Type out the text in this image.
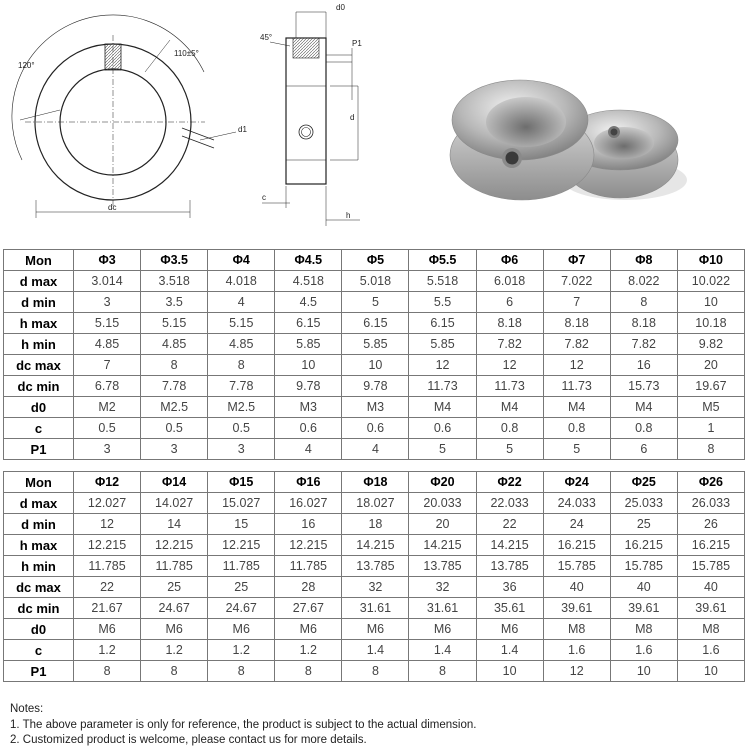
120°
110±5°
d1
dc
45°
d0
P1
d
c
h
Mon	Φ3	Φ3.5	Φ4	Φ4.5	Φ5	Φ5.5	Φ6	Φ7	Φ8	Φ10
d max	3.014	3.518	4.018	4.518	5.018	5.518	6.018	7.022	8.022	10.022
d min	3	3.5	4	4.5	5	5.5	6	7	8	10
h max	5.15	5.15	5.15	6.15	6.15	6.15	8.18	8.18	8.18	10.18
h min	4.85	4.85	4.85	5.85	5.85	5.85	7.82	7.82	7.82	9.82
dc max	7	8	8	10	10	12	12	12	16	20
dc min	6.78	7.78	7.78	9.78	9.78	11.73	11.73	11.73	15.73	19.67
d0	M2	M2.5	M2.5	M3	M3	M4	M4	M4	M4	M5
c	0.5	0.5	0.5	0.6	0.6	0.6	0.8	0.8	0.8	1
P1	3	3	3	4	4	5	5	5	6	8
Mon	Φ12	Φ14	Φ15	Φ16	Φ18	Φ20	Φ22	Φ24	Φ25	Φ26
d max	12.027	14.027	15.027	16.027	18.027	20.033	22.033	24.033	25.033	26.033
d min	12	14	15	16	18	20	22	24	25	26
h max	12.215	12.215	12.215	12.215	14.215	14.215	14.215	16.215	16.215	16.215
h min	11.785	11.785	11.785	11.785	13.785	13.785	13.785	15.785	15.785	15.785
dc max	22	25	25	28	32	32	36	40	40	40
dc min	21.67	24.67	24.67	27.67	31.61	31.61	35.61	39.61	39.61	39.61
d0	M6	M6	M6	M6	M6	M6	M6	M8	M8	M8
c	1.2	1.2	1.2	1.2	1.4	1.4	1.4	1.6	1.6	1.6
P1	8	8	8	8	8	8	10	12	10	10
Notes:
1. The above parameter is only for reference, the product is subject to the actual dimension.
2. Customized product is welcome, please contact us for more details.
